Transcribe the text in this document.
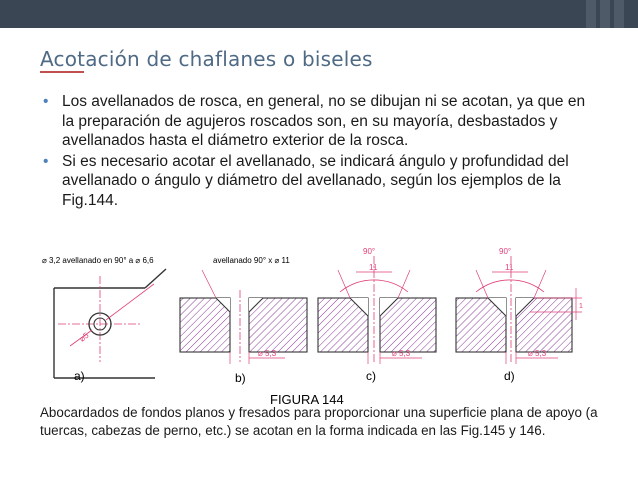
Acotación de chaflanes o biseles
• Los avellanados de rosca, en general, no se dibujan ni se acotan, ya que en la preparación de agujeros roscados son, en su mayoría, desbastados y avellanados hasta el diámetro exterior de la rosca.
• Si es necesario acotar el avellanado, se indicará ángulo y profundidad del avellanado o ángulo y diámetro del avellanado, según los ejemplos de la Fig.144.
⌀ 3,2 avellanado en 90° a ⌀ 6,6
⌀5
a)
avellanado 90° x ⌀ 11
⌀ 5,3
b)
90°
11
⌀ 5,3
c)
90°
11
1
⌀ 5,3
d)
FIGURA 144
Abocardados de fondos planos y fresados para proporcionar una superficie plana de apoyo (a tuercas, cabezas de perno, etc.) se acotan en la forma indicada en las Fig.145 y 146.
